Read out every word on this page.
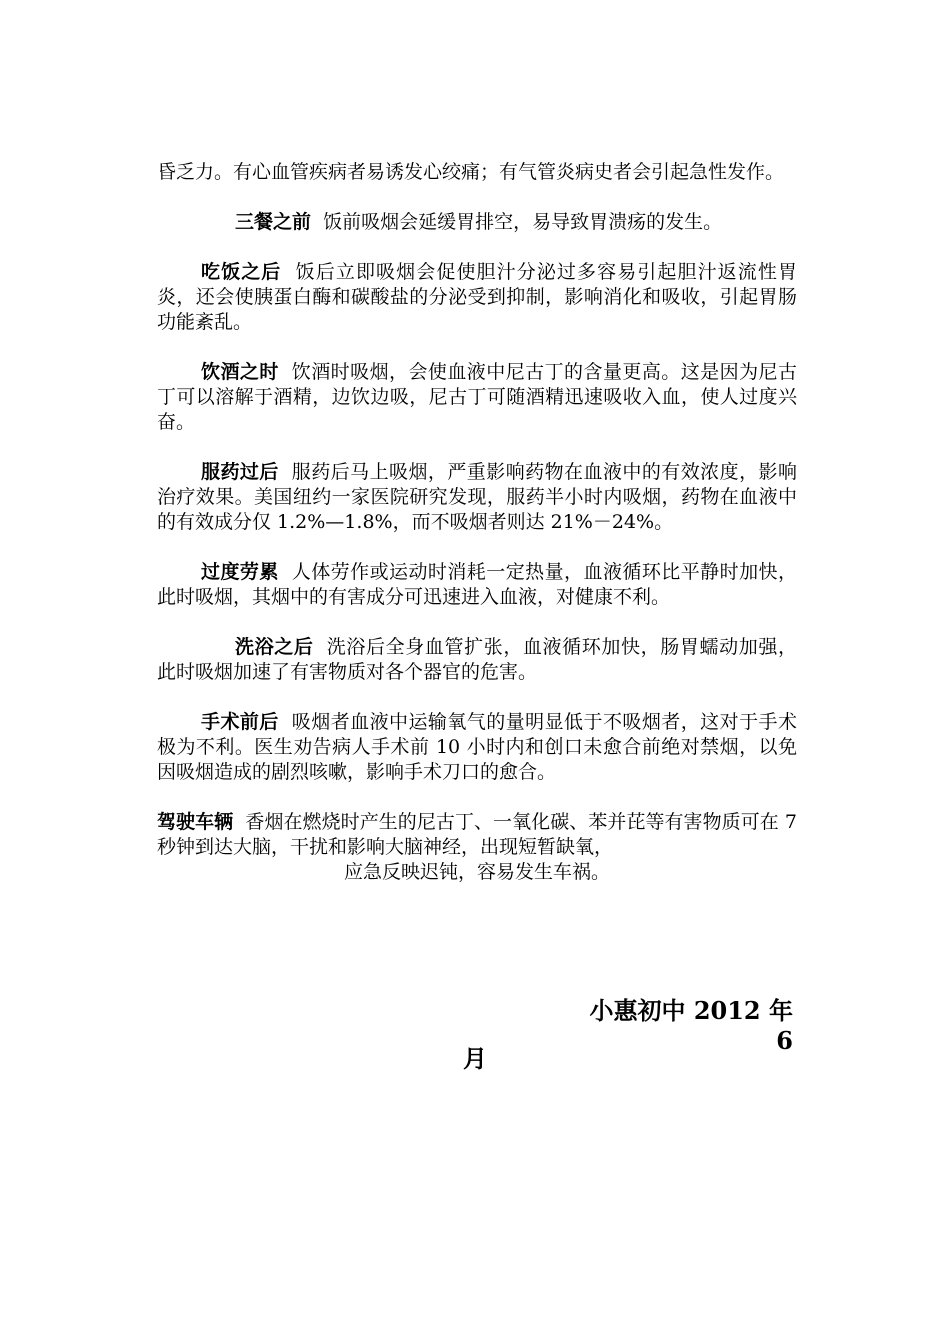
昏乏力。有心血管疾病者易诱发心绞痛；有气管炎病史者会引起急性发作。

三餐之前 饭前吸烟会延缓胃排空，易导致胃溃疡的发生。

吃饭之后 饭后立即吸烟会促使胆汁分泌过多容易引起胆汁返流性胃炎，还会使胰蛋白酶和碳酸盐的分泌受到抑制，影响消化和吸收，引起胃肠功能紊乱。

饮酒之时 饮酒时吸烟，会使血液中尼古丁的含量更高。这是因为尼古丁可以溶解于酒精，边饮边吸，尼古丁可随酒精迅速吸收入血，使人过度兴奋。

服药过后 服药后马上吸烟，严重影响药物在血液中的有效浓度，影响治疗效果。美国纽约一家医院研究发现，服药半小时内吸烟，药物在血液中的有效成分仅 1.2%—1.8%，而不吸烟者则达 21%－24%。

过度劳累 人体劳作或运动时消耗一定热量，血液循环比平静时加快，此时吸烟，其烟中的有害成分可迅速进入血液，对健康不利。

洗浴之后 洗浴后全身血管扩张，血液循环加快，肠胃蠕动加强，此时吸烟加速了有害物质对各个器官的危害。

手术前后 吸烟者血液中运输氧气的量明显低于不吸烟者，这对于手术极为不利。医生劝告病人手术前 10 小时内和创口未愈合前绝对禁烟，以免因吸烟造成的剧烈咳嗽，影响手术刀口的愈合。

驾驶车辆 香烟在燃烧时产生的尼古丁、一氧化碳、苯并芘等有害物质可在 7 秒钟到达大脑，干扰和影响大脑神经，出现短暂缺氧，
应急反映迟钝，容易发生车祸。

小惠初中 2012 年 6
月
